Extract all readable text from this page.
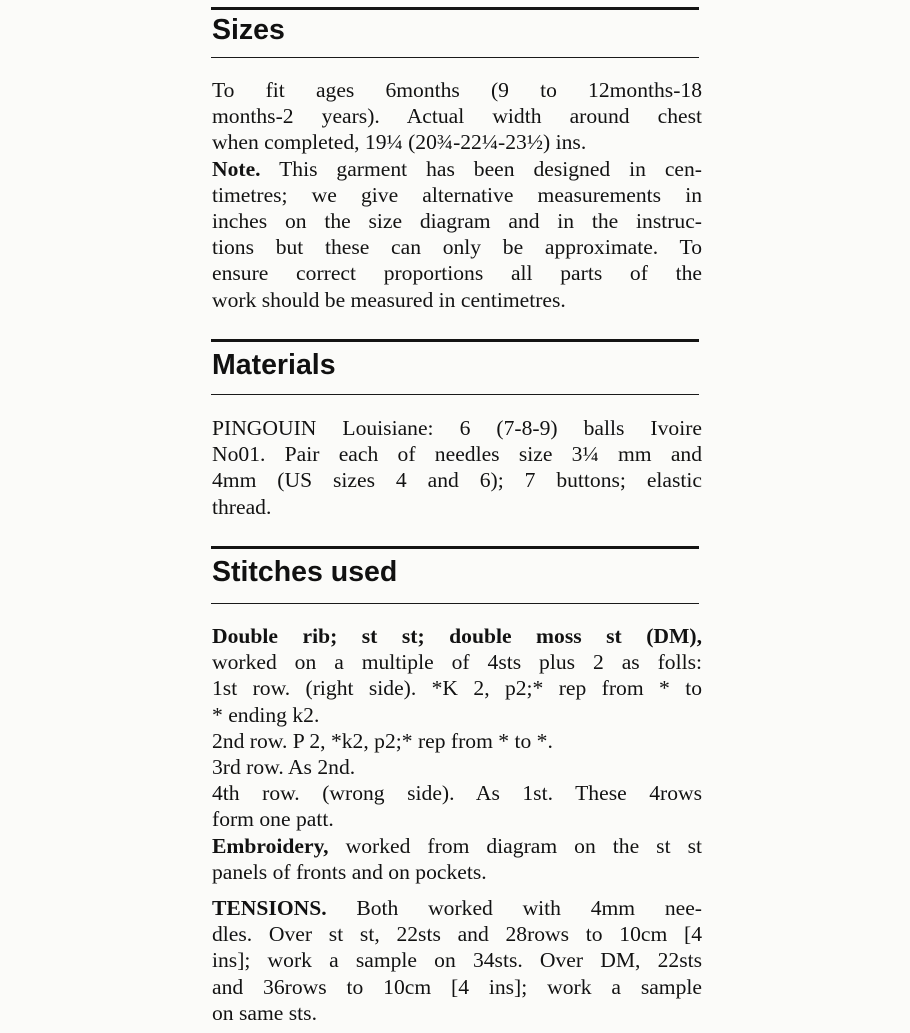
Sizes

To fit ages 6months (9 to 12months-18

months-2 years). Actual width around chest

when completed, 19¼ (20¾-22¼-23½) ins.

Note. This garment has been designed in cen-

timetres; we give alternative measurements in

inches on the size diagram and in the instruc-

tions but these can only be approximate. To

ensure correct proportions all parts of the

work should be measured in centimetres.

Materials

PINGOUIN Louisiane: 6 (7-8-9) balls Ivoire

No01. Pair each of needles size 3¼ mm and

4mm (US sizes 4 and 6); 7 buttons; elastic

thread.

Stitches used

Double rib; st st; double moss st (DM),

worked on a multiple of 4sts plus 2 as folls:

1st row. (right side). *K 2, p2;* rep from * to

* ending k2.

2nd row. P 2, *k2, p2;* rep from * to *.

3rd row. As 2nd.

4th row. (wrong side). As 1st. These 4rows

form one patt.

Embroidery, worked from diagram on the st st

panels of fronts and on pockets.

TENSIONS. Both worked with 4mm nee-

dles. Over st st, 22sts and 28rows to 10cm [4

ins]; work a sample on 34sts. Over DM, 22sts

and 36rows to 10cm [4 ins]; work a sample

on same sts.
